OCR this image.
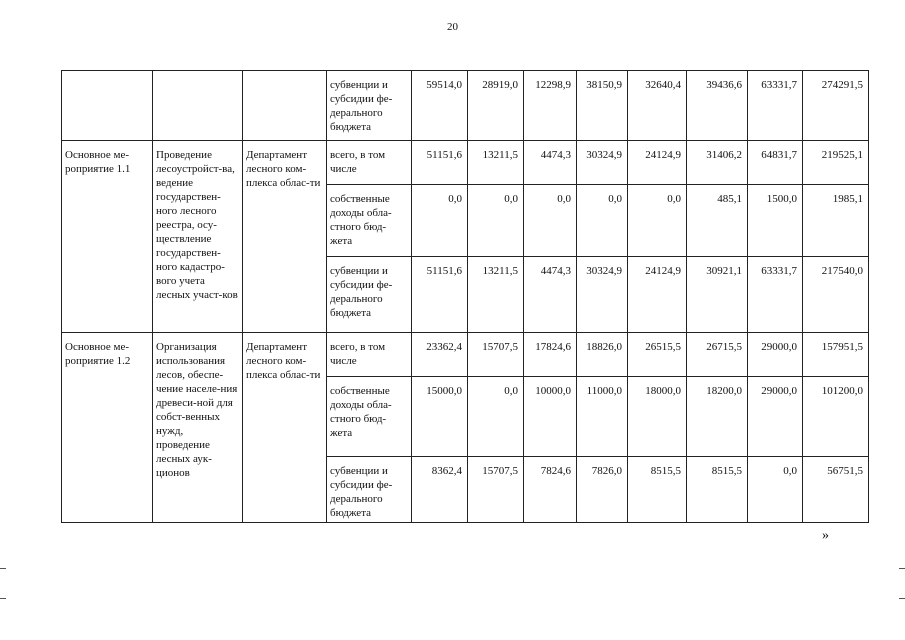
20
			субвенции и субсидии фе-дерального бюджета	59514,0	28919,0	12298,9	38150,9	32640,4	39436,6	63331,7	274291,5
Основное ме-роприятие 1.1	Проведение лесоустройст-ва, ведение государствен-ного лесного реестра, осу-ществление государствен-ного кадастро-вого учета лесных участ-ков	Департамент лесного ком-плекса облас-ти	всего, в том числе	51151,6	13211,5	4474,3	30324,9	24124,9	31406,2	64831,7	219525,1
			собственные доходы обла-стного бюд-жета	0,0	0,0	0,0	0,0	0,0	485,1	1500,0	1985,1
			субвенции и субсидии фе-дерального бюджета	51151,6	13211,5	4474,3	30324,9	24124,9	30921,1	63331,7	217540,0
Основное ме-роприятие 1.2	Организация использования лесов, обеспе-чение населе-ния древеси-ной для собст-венных нужд, проведение лесных аук-ционов	Департамент лесного ком-плекса облас-ти	всего, в том числе	23362,4	15707,5	17824,6	18826,0	26515,5	26715,5	29000,0	157951,5
			собственные доходы обла-стного бюд-жета	15000,0	0,0	10000,0	11000,0	18000,0	18200,0	29000,0	101200,0
			субвенции и субсидии фе-дерального бюджета	8362,4	15707,5	7824,6	7826,0	8515,5	8515,5	0,0	56751,5
»
